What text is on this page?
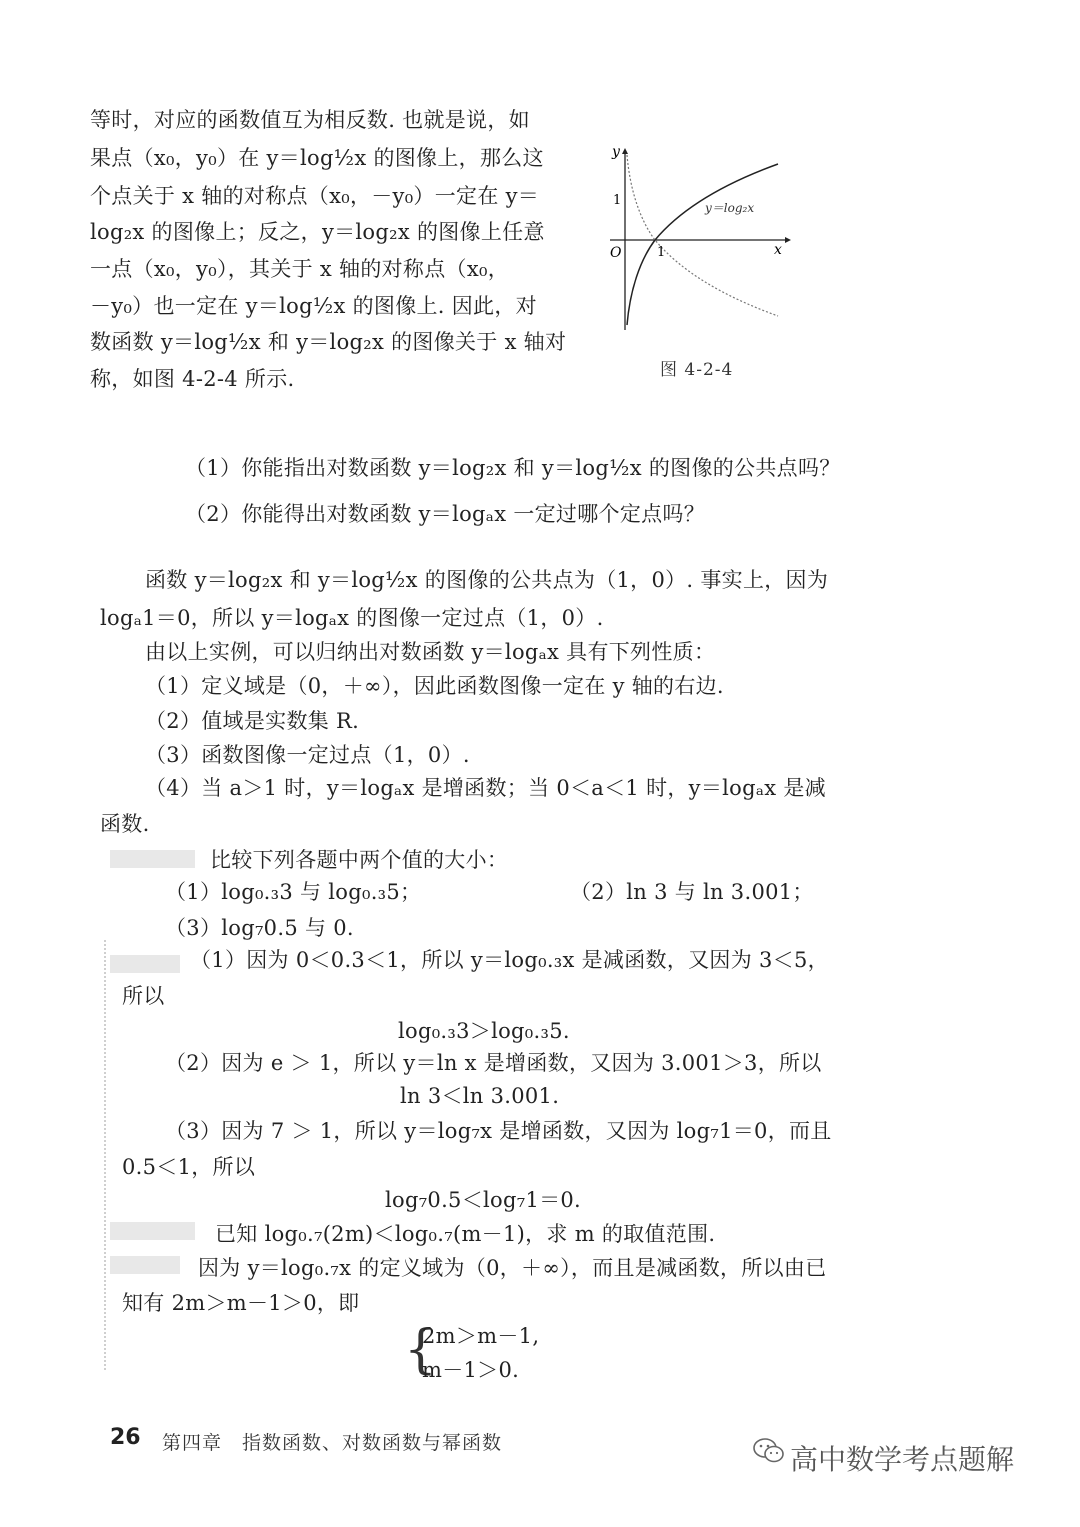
等时，对应的函数值互为相反数. 也就是说，如
果点（x₀，y₀）在 y＝log½x 的图像上，那么这
个点关于 x 轴的对称点（x₀，－y₀）一定在 y＝
log₂x 的图像上；反之，y＝log₂x 的图像上任意
一点（x₀，y₀），其关于 x 轴的对称点（x₀，
－y₀）也一定在 y＝log½x 的图像上. 因此，对
数函数 y＝log½x 和 y＝log₂x 的图像关于 x 轴对
称，如图 4-2-4 所示.
y
x
O	1
1	y＝log₂x
图 4-2-4
（1）你能指出对数函数 y＝log₂x 和 y＝log½x 的图像的公共点吗？
（2）你能得出对数函数 y＝logₐx 一定过哪个定点吗？
函数 y＝log₂x 和 y＝log½x 的图像的公共点为（1，0）. 事实上，因为
logₐ1＝0，所以 y＝logₐx 的图像一定过点（1，0）.
由以上实例，可以归纳出对数函数 y＝logₐx 具有下列性质：
（1）定义域是（0，＋∞），因此函数图像一定在 y 轴的右边.
（2）值域是实数集 R.
（3）函数图像一定过点（1，0）.
（4）当 a＞1 时，y＝logₐx 是增函数；当 0＜a＜1 时，y＝logₐx 是减
函数.
比较下列各题中两个值的大小：
（1）log₀.₃3 与 log₀.₃5；	（2）ln 3 与 ln 3.001；
（3）log₇0.5 与 0.
（1）因为 0＜0.3＜1，所以 y＝log₀.₃x 是减函数，又因为 3＜5，
所以
log₀.₃3＞log₀.₃5.
（2）因为 e ＞ 1，所以 y＝ln x 是增函数，又因为 3.001＞3，所以
ln 3＜ln 3.001.
（3）因为 7 ＞ 1，所以 y＝log₇x 是增函数，又因为 log₇1＝0，而且
0.5＜1，所以
log₇0.5＜log₇1＝0.
已知 log₀.₇(2m)＜log₀.₇(m－1)，求 m 的取值范围.
因为 y＝log₀.₇x 的定义域为（0，＋∞），而且是减函数，所以由已
知有 2m＞m－1＞0，即
{
2m＞m－1,
m－1＞0.
26 第四章　指数函数、对数函数与幂函数	高中数学考点题解
